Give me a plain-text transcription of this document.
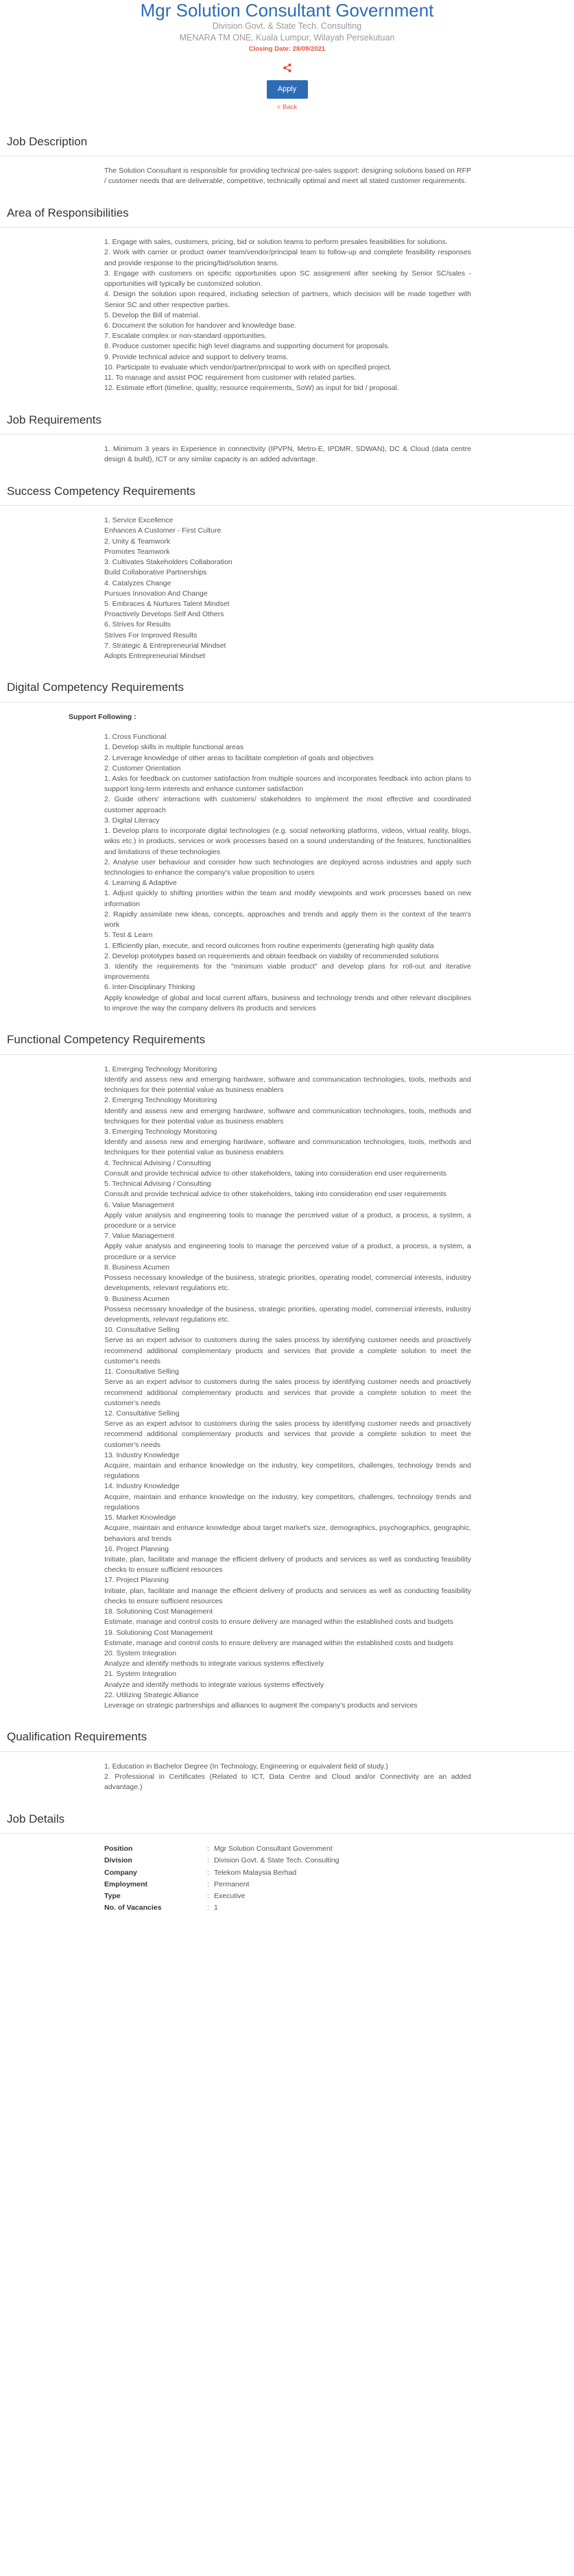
Mgr Solution Consultant Government
Division Govt. & State Tech. Consulting
MENARA TM ONE, Kuala Lumpur, Wilayah Persekutuan
Closing Date: 28/09/2021
Apply
< Back
Job Description
The Solution Consultant is responsible for providing technical pre-sales support: designing solutions based on RFP / customer needs that are deliverable, competitive, technically optimal and meet all stated customer requirements.
Area of Responsibilities
1. Engage with sales, customers, pricing, bid or solution teams to perform presales feasibilities for solutions.
2. Work with carrier or product owner team/vendor/principal team to follow-up and complete feasibility responses and provide response to the pricing/bid/solution teams.
3. Engage with customers on specific opportunities upon SC assignment after seeking by Senior SC/sales - opportunities will typically be customized solution.
4. Design the solution upon required, including selection of partners, which decision will be made together with Senior SC and other respective parties.
5. Develop the Bill of material.
6. Document the solution for handover and knowledge base.
7. Escalate complex or non-standard opportunities.
8. Produce customer specific high level diagrams and supporting document for proposals.
9. Provide technical advice and support to delivery teams.
10. Participate to evaluate which vendor/partner/principal to work with on specified project.
11. To manage and assist POC requirement from customer with related parties.
12. Estimate effort (timeline, quality, resource requirements, SoW) as input for bid / proposal.
Job Requirements
1. Minimum 3 years in Experience in connectivity (IPVPN, Metro-E, IPDMR, SDWAN), DC & Cloud (data centre design & build), ICT or any similar capacity is an added advantage.
Success Competency Requirements
1. Service Excellence
Enhances A Customer - First Culture
2. Unity & Teamwork
Promotes Teamwork
3. Cultivates Stakeholders Collaboration
Build Collaborative Partnerships
4. Catalyzes Change
Pursues Innovation And Change
5. Embraces & Nurtures Talent Mindset
Proactively Develops Self And Others
6. Strives for Results
Strives For Improved Results
7. Strategic & Entrepreneurial Mindset
Adopts Entrepreneurial Mindset
Digital Competency Requirements
Support Following :
1. Cross Functional
1. Develop skills in multiple functional areas
2. Leverage knowledge of other areas to facilitate completion of goals and objectives
2. Customer Orientation
1. Asks for feedback on customer satisfaction from multiple sources and incorporates feedback into action plans to support long-term interests and enhance customer satisfaction
2. Guide others' interactions with customers/ stakeholders to implement the most effective and coordinated customer approach
3. Digital Literacy
1. Develop plans to incorporate digital technologies (e.g. social networking platforms, videos, virtual reality, blogs, wikis etc.) in products, services or work processes based on a sound understanding of the features, functionalities and limitations of these technologies
2. Analyse user behaviour and consider how such technologies are deployed across industries and apply such technologies to enhance the company's value proposition to users
4. Learning & Adaptive
1. Adjust quickly to shifting priorities within the team and modify viewpoints and work processes based on new information
2. Rapidly assimilate new ideas, concepts, approaches and trends and apply them in the context of the team's work
5. Test & Learn
1. Efficiently plan, execute, and record outcomes from routine experiments (generating high quality data
2. Develop prototypes based on requirements and obtain feedback on viability of recommended solutions
3. Identify the requirements for the "minimum viable product" and develop plans for roll-out and iterative improvements
6. Inter-Disciplinary Thinking
Apply knowledge of global and local current affairs, business and technology trends and other relevant disciplines to improve the way the company delivers its products and services
Functional Competency Requirements
1. Emerging Technology Monitoring
Identify and assess new and emerging hardware, software and communication technologies, tools, methods and techniques for their potential value as business enablers
2. Emerging Technology Monitoring
Identify and assess new and emerging hardware, software and communication technologies, tools, methods and techniques for their potential value as business enablers
3. Emerging Technology Monitoring
Identify and assess new and emerging hardware, software and communication technologies, tools, methods and techniques for their potential value as business enablers
4. Technical Advising / Consulting
Consult and provide technical advice to other stakeholders, taking into consideration end user requirements
5. Technical Advising / Consulting
Consult and provide technical advice to other stakeholders, taking into consideration end user requirements
6. Value Management
Apply value analysis and engineering tools to manage the perceived value of a product, a process, a system, a procedure or a service
7. Value Management
Apply value analysis and engineering tools to manage the perceived value of a product, a process, a system, a procedure or a service
8. Business Acumen
Possess necessary knowledge of the business, strategic priorities, operating model, commercial interests, industry developments, relevant regulations etc.
9. Business Acumen
Possess necessary knowledge of the business, strategic priorities, operating model, commercial interests, industry developments, relevant regulations etc.
10. Consultative Selling
Serve as an expert advisor to customers during the sales process by identifying customer needs and proactively recommend additional complementary products and services that provide a complete solution to meet the customer's needs
11. Consultative Selling
Serve as an expert advisor to customers during the sales process by identifying customer needs and proactively recommend additional complementary products and services that provide a complete solution to meet the customer's needs
12. Consultative Selling
Serve as an expert advisor to customers during the sales process by identifying customer needs and proactively recommend additional complementary products and services that provide a complete solution to meet the customer's needs
13. Industry Knowledge
Acquire, maintain and enhance knowledge on the industry, key competitors, challenges, technology trends and regulations
14. Industry Knowledge
Acquire, maintain and enhance knowledge on the industry, key competitors, challenges, technology trends and regulations
15. Market Knowledge
Acquire, maintain and enhance knowledge about target market's size, demographics, psychographics, geographic, behaviors and trends
16. Project Planning
Initiate, plan, facilitate and manage the efficient delivery of products and services as well as conducting feasibility checks to ensure sufficient resources
17. Project Planning
Initiate, plan, facilitate and manage the efficient delivery of products and services as well as conducting feasibility checks to ensure sufficient resources
18. Solutioning Cost Management
Estimate, manage and control costs to ensure delivery are managed within the established costs and budgets
19. Solutioning Cost Management
Estimate, manage and control costs to ensure delivery are managed within the established costs and budgets
20. System Integration
Analyze and identify methods to integrate various systems effectively
21. System Integration
Analyze and identify methods to integrate various systems effectively
22. Utilizing Strategic Alliance
Leverage on strategic partnerships and alliances to augment the company's products and services
Qualification Requirements
1. Education in Bachelor Degree (In Technology, Engineering or equivalent field of study.)
2. Professional in Certificates (Related to ICT, Data Centre and Cloud and/or Connectivity are an added advantage.)
Job Details
Position	:	Mgr Solution Consultant Government
Division	:	Division Govt. & State Tech. Consulting
Company	:	Telekom Malaysia Berhad
Employment	:	Permanent
Type	:	Executive
No. of Vacancies	:	1
